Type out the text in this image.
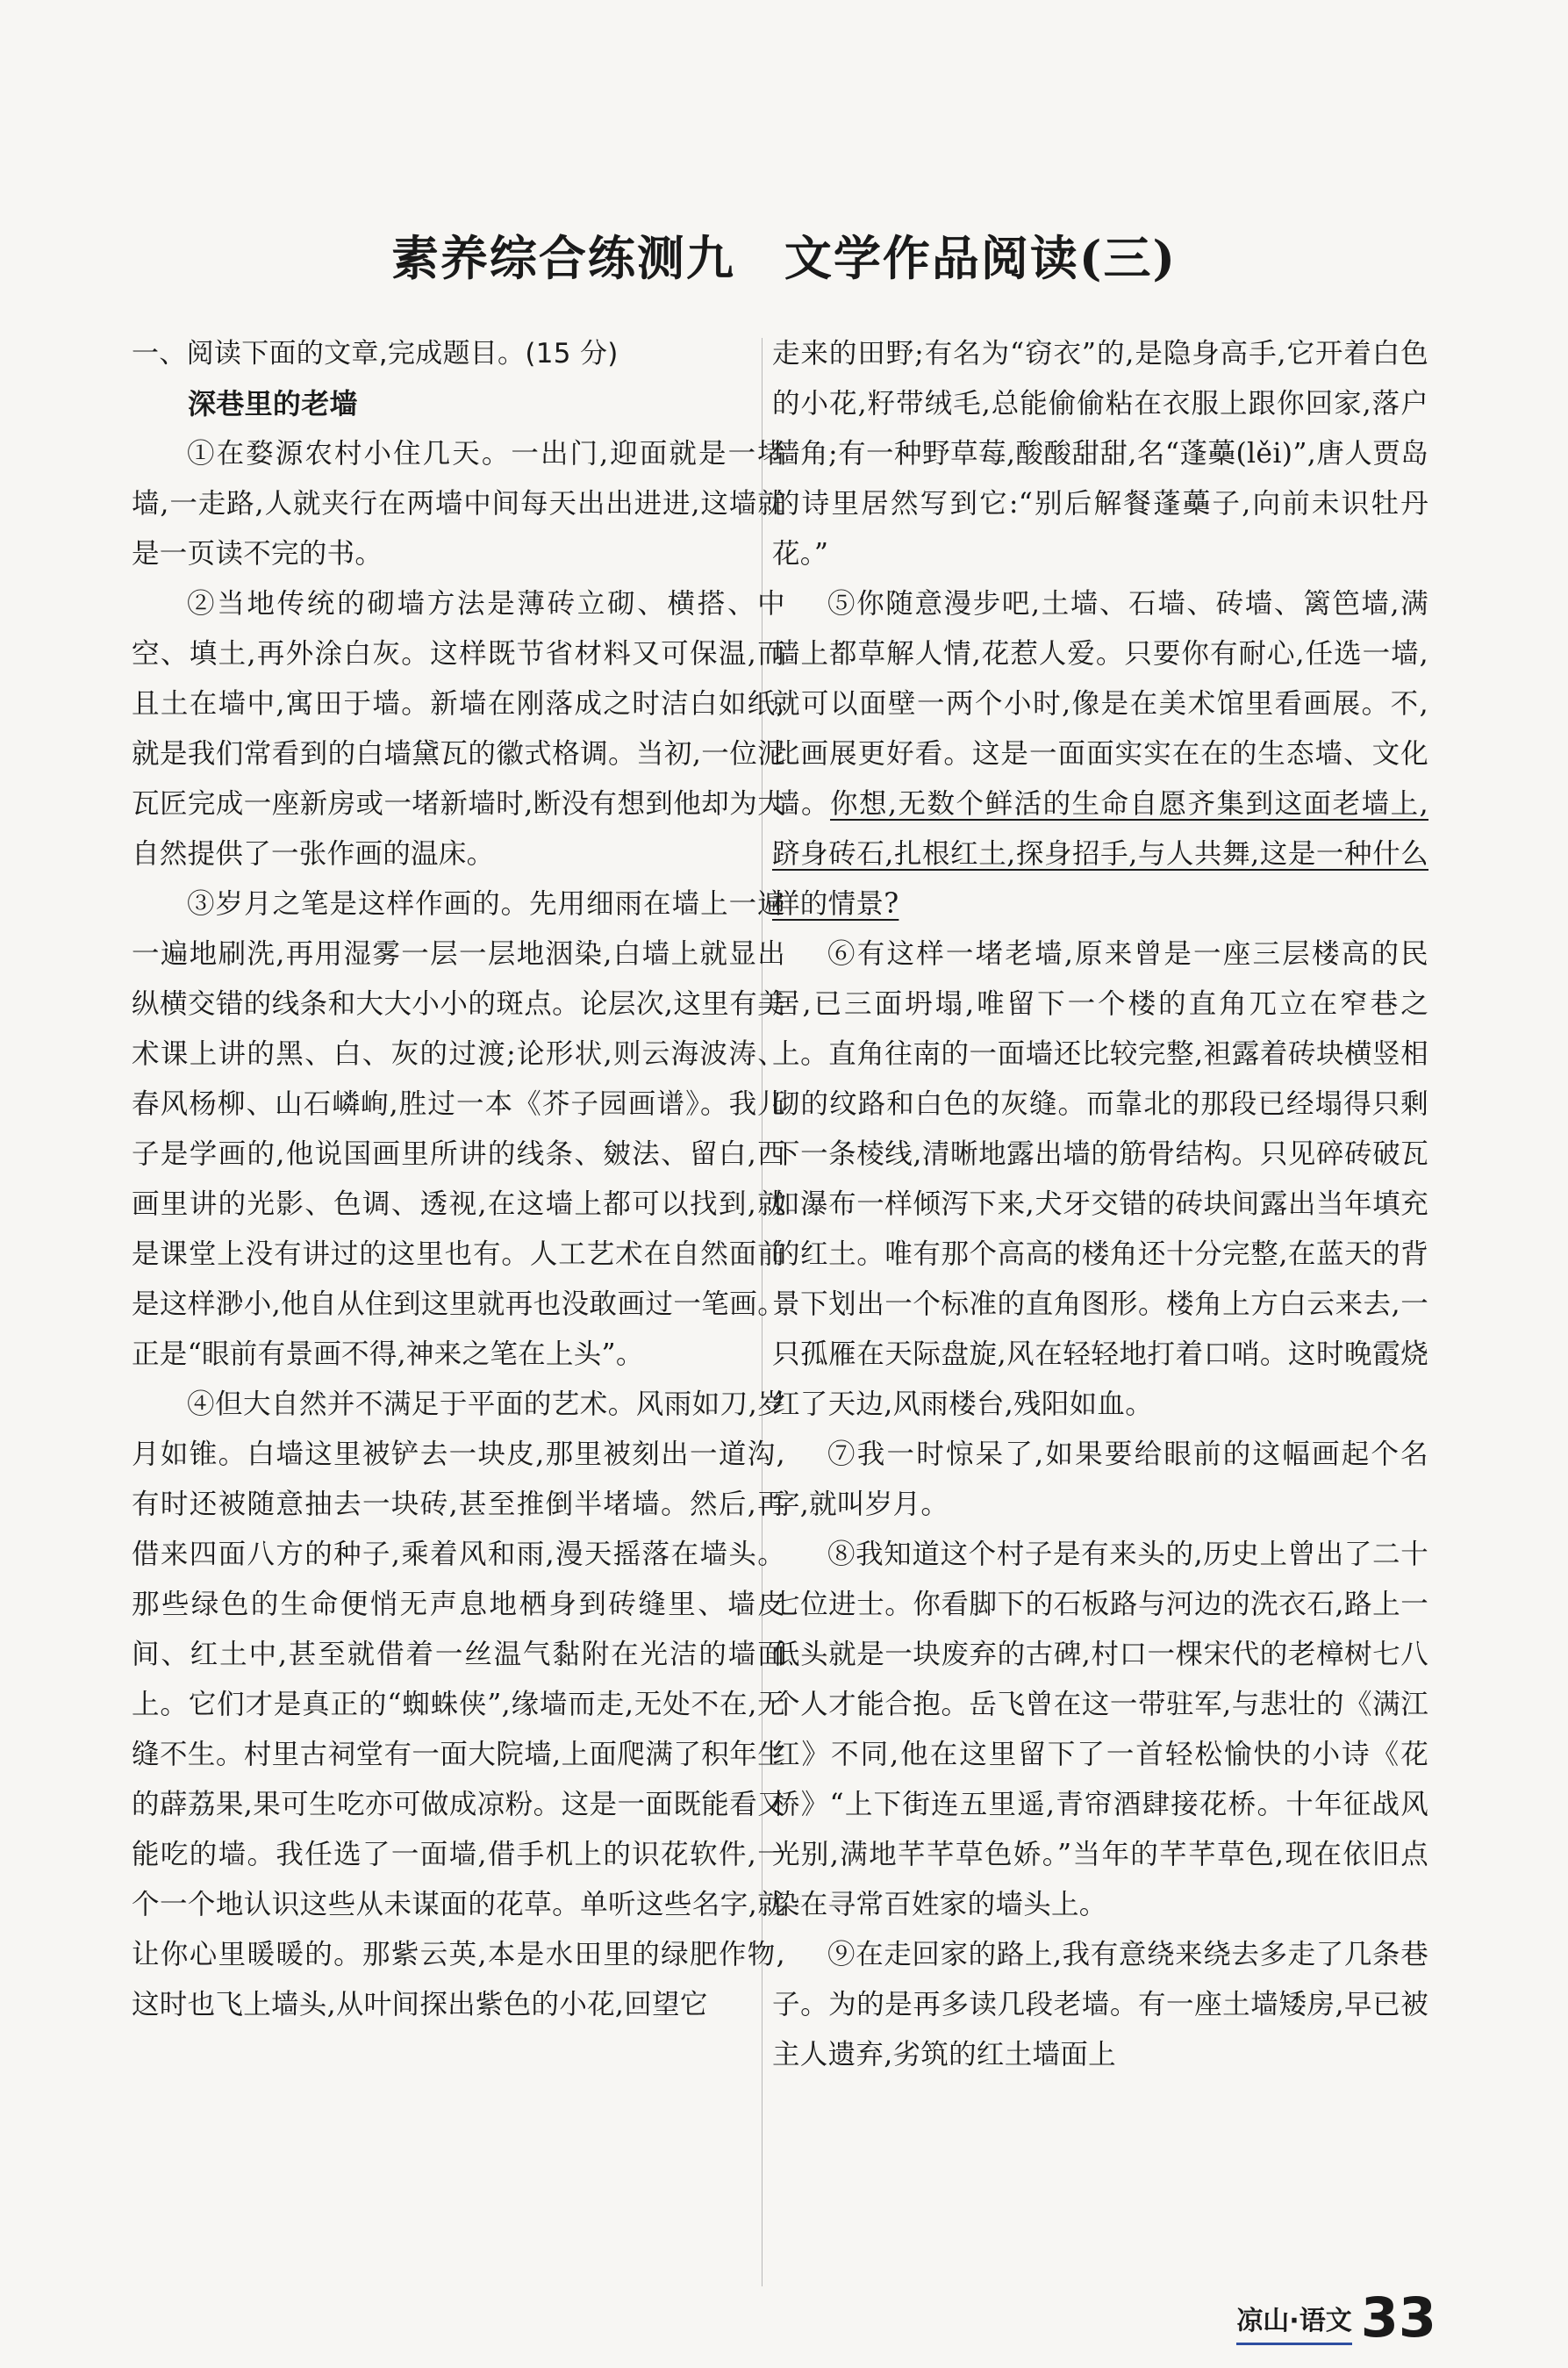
素养综合练测九　文学作品阅读(三)

一、阅读下面的文章,完成题目。(15 分)

深巷里的老墙

①在婺源农村小住几天。一出门,迎面就是一堵墙,一走路,人就夹行在两墙中间每天出出进进,这墙就是一页读不完的书。

②当地传统的砌墙方法是薄砖立砌、横搭、中空、填土,再外涂白灰。这样既节省材料又可保温,而且土在墙中,寓田于墙。新墙在刚落成之时洁白如纸,就是我们常看到的白墙黛瓦的徽式格调。当初,一位泥瓦匠完成一座新房或一堵新墙时,断没有想到他却为大自然提供了一张作画的温床。

③岁月之笔是这样作画的。先用细雨在墙上一遍一遍地刷洗,再用湿雾一层一层地洇染,白墙上就显出纵横交错的线条和大大小小的斑点。论层次,这里有美术课上讲的黑、白、灰的过渡;论形状,则云海波涛、春风杨柳、山石嶙峋,胜过一本《芥子园画谱》。我儿子是学画的,他说国画里所讲的线条、皴法、留白,西画里讲的光影、色调、透视,在这墙上都可以找到,就是课堂上没有讲过的这里也有。人工艺术在自然面前是这样渺小,他自从住到这里就再也没敢画过一笔画。正是“眼前有景画不得,神来之笔在上头”。

④但大自然并不满足于平面的艺术。风雨如刀,岁月如锥。白墙这里被铲去一块皮,那里被刻出一道沟,有时还被随意抽去一块砖,甚至推倒半堵墙。然后,再借来四面八方的种子,乘着风和雨,漫天摇落在墙头。那些绿色的生命便悄无声息地栖身到砖缝里、墙皮间、红土中,甚至就借着一丝温气黏附在光洁的墙面上。它们才是真正的“蜘蛛侠”,缘墙而走,无处不在,无缝不生。村里古祠堂有一面大院墙,上面爬满了积年生的薜荔果,果可生吃亦可做成凉粉。这是一面既能看又能吃的墙。我任选了一面墙,借手机上的识花软件,一个一个地认识这些从未谋面的花草。单听这些名字,就让你心里暖暖的。那紫云英,本是水田里的绿肥作物,这时也飞上墙头,从叶间探出紫色的小花,回望它

走来的田野;有名为“窃衣”的,是隐身高手,它开着白色的小花,籽带绒毛,总能偷偷粘在衣服上跟你回家,落户墙角;有一种野草莓,酸酸甜甜,名“蓬蘽(lěi)”,唐人贾岛的诗里居然写到它:“别后解餐蓬蘽子,向前未识牡丹花。”

⑤你随意漫步吧,土墙、石墙、砖墙、篱笆墙,满墙上都草解人情,花惹人爱。只要你有耐心,任选一墙,就可以面壁一两个小时,像是在美术馆里看画展。不,比画展更好看。这是一面面实实在在的生态墙、文化墙。你想,无数个鲜活的生命自愿齐集到这面老墙上,跻身砖石,扎根红土,探身招手,与人共舞,这是一种什么样的情景?

⑥有这样一堵老墙,原来曾是一座三层楼高的民居,已三面坍塌,唯留下一个楼的直角兀立在窄巷之上。直角往南的一面墙还比较完整,袒露着砖块横竖相砌的纹路和白色的灰缝。而靠北的那段已经塌得只剩下一条棱线,清晰地露出墙的筋骨结构。只见碎砖破瓦如瀑布一样倾泻下来,犬牙交错的砖块间露出当年填充的红土。唯有那个高高的楼角还十分完整,在蓝天的背景下划出一个标准的直角图形。楼角上方白云来去,一只孤雁在天际盘旋,风在轻轻地打着口哨。这时晚霞烧红了天边,风雨楼台,残阳如血。

⑦我一时惊呆了,如果要给眼前的这幅画起个名字,就叫岁月。

⑧我知道这个村子是有来头的,历史上曾出了二十七位进士。你看脚下的石板路与河边的洗衣石,路上一低头就是一块废弃的古碑,村口一棵宋代的老樟树七八个人才能合抱。岳飞曾在这一带驻军,与悲壮的《满江红》不同,他在这里留下了一首轻松愉快的小诗《花桥》“上下街连五里遥,青帘酒肆接花桥。十年征战风光别,满地芊芊草色娇。”当年的芊芊草色,现在依旧点染在寻常百姓家的墙头上。

⑨在走回家的路上,我有意绕来绕去多走了几条巷子。为的是再多读几段老墙。有一座土墙矮房,早已被主人遗弃,劣筑的红土墙面上

凉山·语文 33
